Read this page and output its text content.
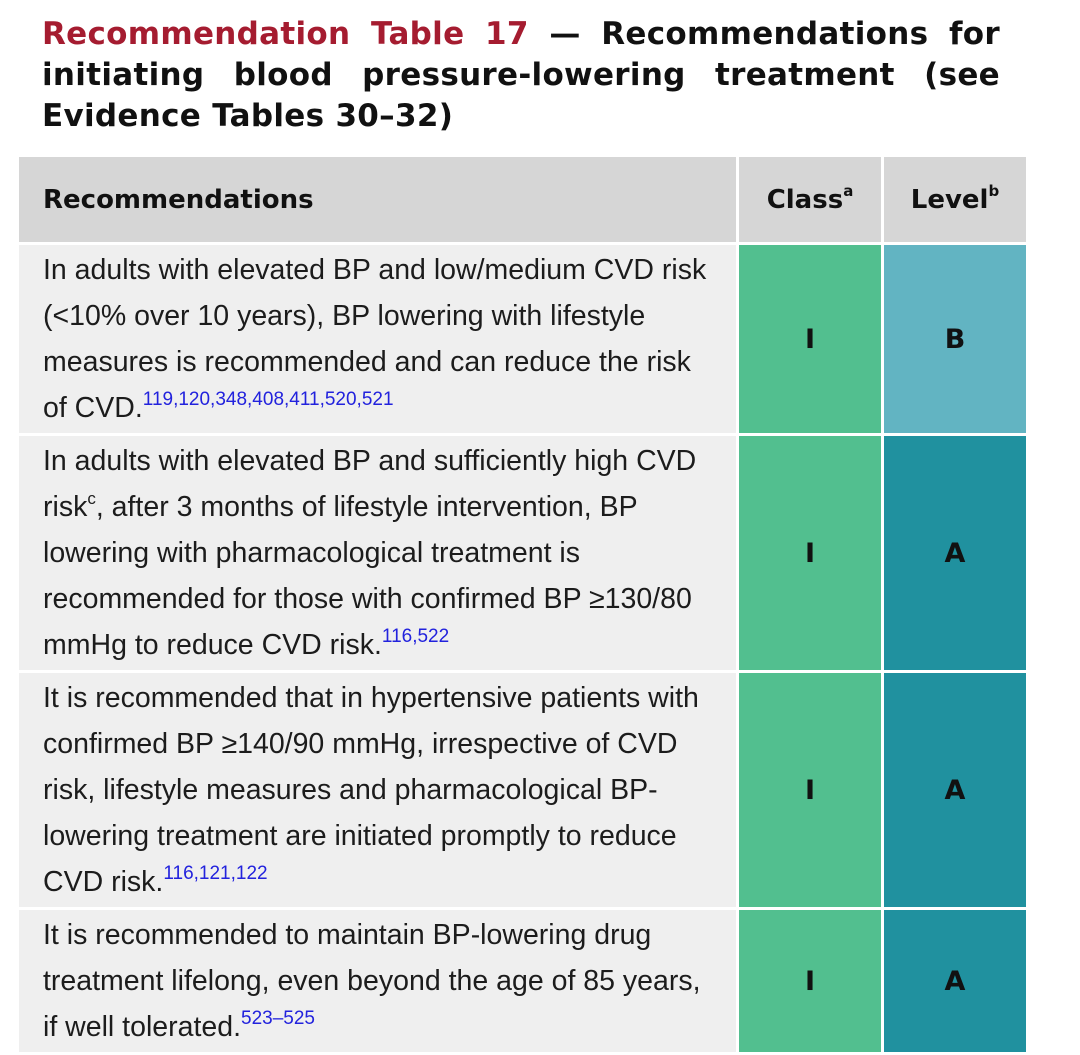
Recommendation Table 17 — Recommendations for initiating blood pressure-lowering treatment (see Evidence Tables 30–32)
Recommendations	Class$^a$	Level$^b$
In adults with elevated BP and low/medium CVD risk (<10% over 10 years), BP lowering with lifestyle measures is recommended and can reduce the risk of CVD.$^{119,120,348,408,411,520,521}$	I	B
In adults with elevated BP and sufficiently high CVD risk$^c$, after 3 months of lifestyle intervention, BP lowering with pharmacological treatment is recommended for those with confirmed BP ≥130/80 mmHg to reduce CVD risk.$^{116,522}$	I	A
It is recommended that in hypertensive patients with confirmed BP ≥140/90 mmHg, irrespective of CVD risk, lifestyle measures and pharmacological BP-lowering treatment are initiated promptly to reduce CVD risk.$^{116,121,122}$	I	A
It is recommended to maintain BP-lowering drug treatment lifelong, even beyond the age of 85 years, if well tolerated.$^{523-525}$	I	A
